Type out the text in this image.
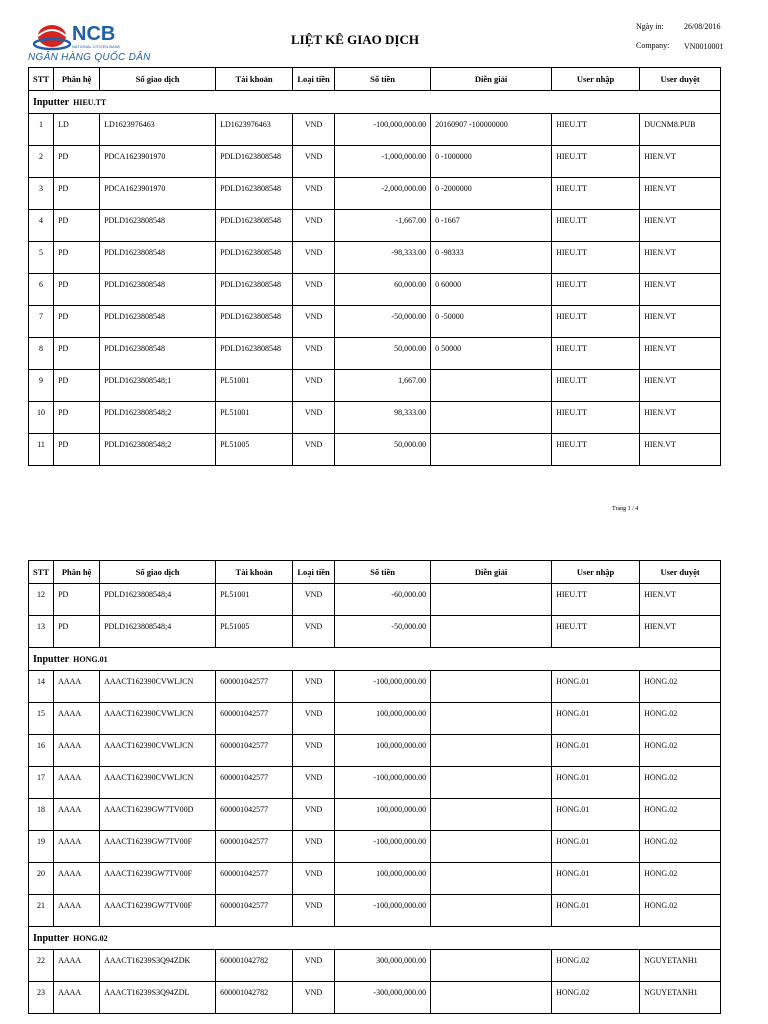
NCB
NATIONAL CITIZEN BANK
NGÂN HÀNG QUỐC DÂN
LIỆT KÊ GIAO DỊCH
Ngày in:	26/08/2016
Company: VN0010001
STT	Phân hệ	Số giao dịch	Tài khoản	Loại tiền	Số tiền	Diễn giải	User nhập	User duyệt
Inputter HIEU.TT								
1	LD	LD1623976463	LD1623976463	VND	-100,000,000.00	20160907 -100000000	HIEU.TT	DUCNM8.PUB
2	PD	PDCA1623901970	PDLD1623808548	VND	-1,000,000.00	0 -1000000	HIEU.TT	HIEN.VT
3	PD	PDCA1623901970	PDLD1623808548	VND	-2,000,000.00	0 -2000000	HIEU.TT	HIEN.VT
4	PD	PDLD1623808548	PDLD1623808548	VND	-1,667.00	0 -1667	HIEU.TT	HIEN.VT
5	PD	PDLD1623808548	PDLD1623808548	VND	-98,333.00	0 -98333	HIEU.TT	HIEN.VT
6	PD	PDLD1623808548	PDLD1623808548	VND	60,000.00	0 60000	HIEU.TT	HIEN.VT
7	PD	PDLD1623808548	PDLD1623808548	VND	-50,000.00	0 -50000	HIEU.TT	HIEN.VT
8	PD	PDLD1623808548	PDLD1623808548	VND	50,000.00	0 50000	HIEU.TT	HIEN.VT
9	PD	PDLD1623808548;1	PL51001	VND	1,667.00		HIEU.TT	HIEN.VT
10	PD	PDLD1623808548;2	PL51001	VND	98,333.00		HIEU.TT	HIEN.VT
11	PD	PDLD1623808548;2	PL51005	VND	50,000.00		HIEU.TT	HIEN.VT
Trang 1 / 4
STT	Phân hệ	Số giao dịch	Tài khoản	Loại tiền	Số tiền	Diễn giải	User nhập	User duyệt
12	PD	PDLD1623808548;4	PL51001	VND	-60,000.00		HIEU.TT	HIEN.VT
13	PD	PDLD1623808548;4	PL51005	VND	-50,000.00		HIEU.TT	HIEN.VT
Inputter HONG.01								
14	AAAA	AAACT162390CVWLJCN	600001042577	VND	-100,000,000.00		HONG.01	HONG.02
15	AAAA	AAACT162390CVWLJCN	600001042577	VND	100,000,000.00		HONG.01	HONG.02
16	AAAA	AAACT162390CVWLJCN	600001042577	VND	100,000,000.00		HONG.01	HONG.02
17	AAAA	AAACT162390CVWLJCN	600001042577	VND	-100,000,000.00		HONG.01	HONG.02
18	AAAA	AAACT16239GW7TV00D	600001042577	VND	100,000,000.00		HONG.01	HONG.02
19	AAAA	AAACT16239GW7TV00F	600001042577	VND	-100,000,000.00		HONG.01	HONG.02
20	AAAA	AAACT16239GW7TV00F	600001042577	VND	100,000,000.00		HONG.01	HONG.02
21	AAAA	AAACT16239GW7TV00F	600001042577	VND	-100,000,000.00		HONG.01	HONG.02
Inputter HONG.02								
22	AAAA	AAACT16239S3Q94ZDK	600001042782	VND	300,000,000.00		HONG.02	NGUYETANH1
23	AAAA	AAACT16239S3Q94ZDL	600001042782	VND	-300,000,000.00		HONG.02	NGUYETANH1
